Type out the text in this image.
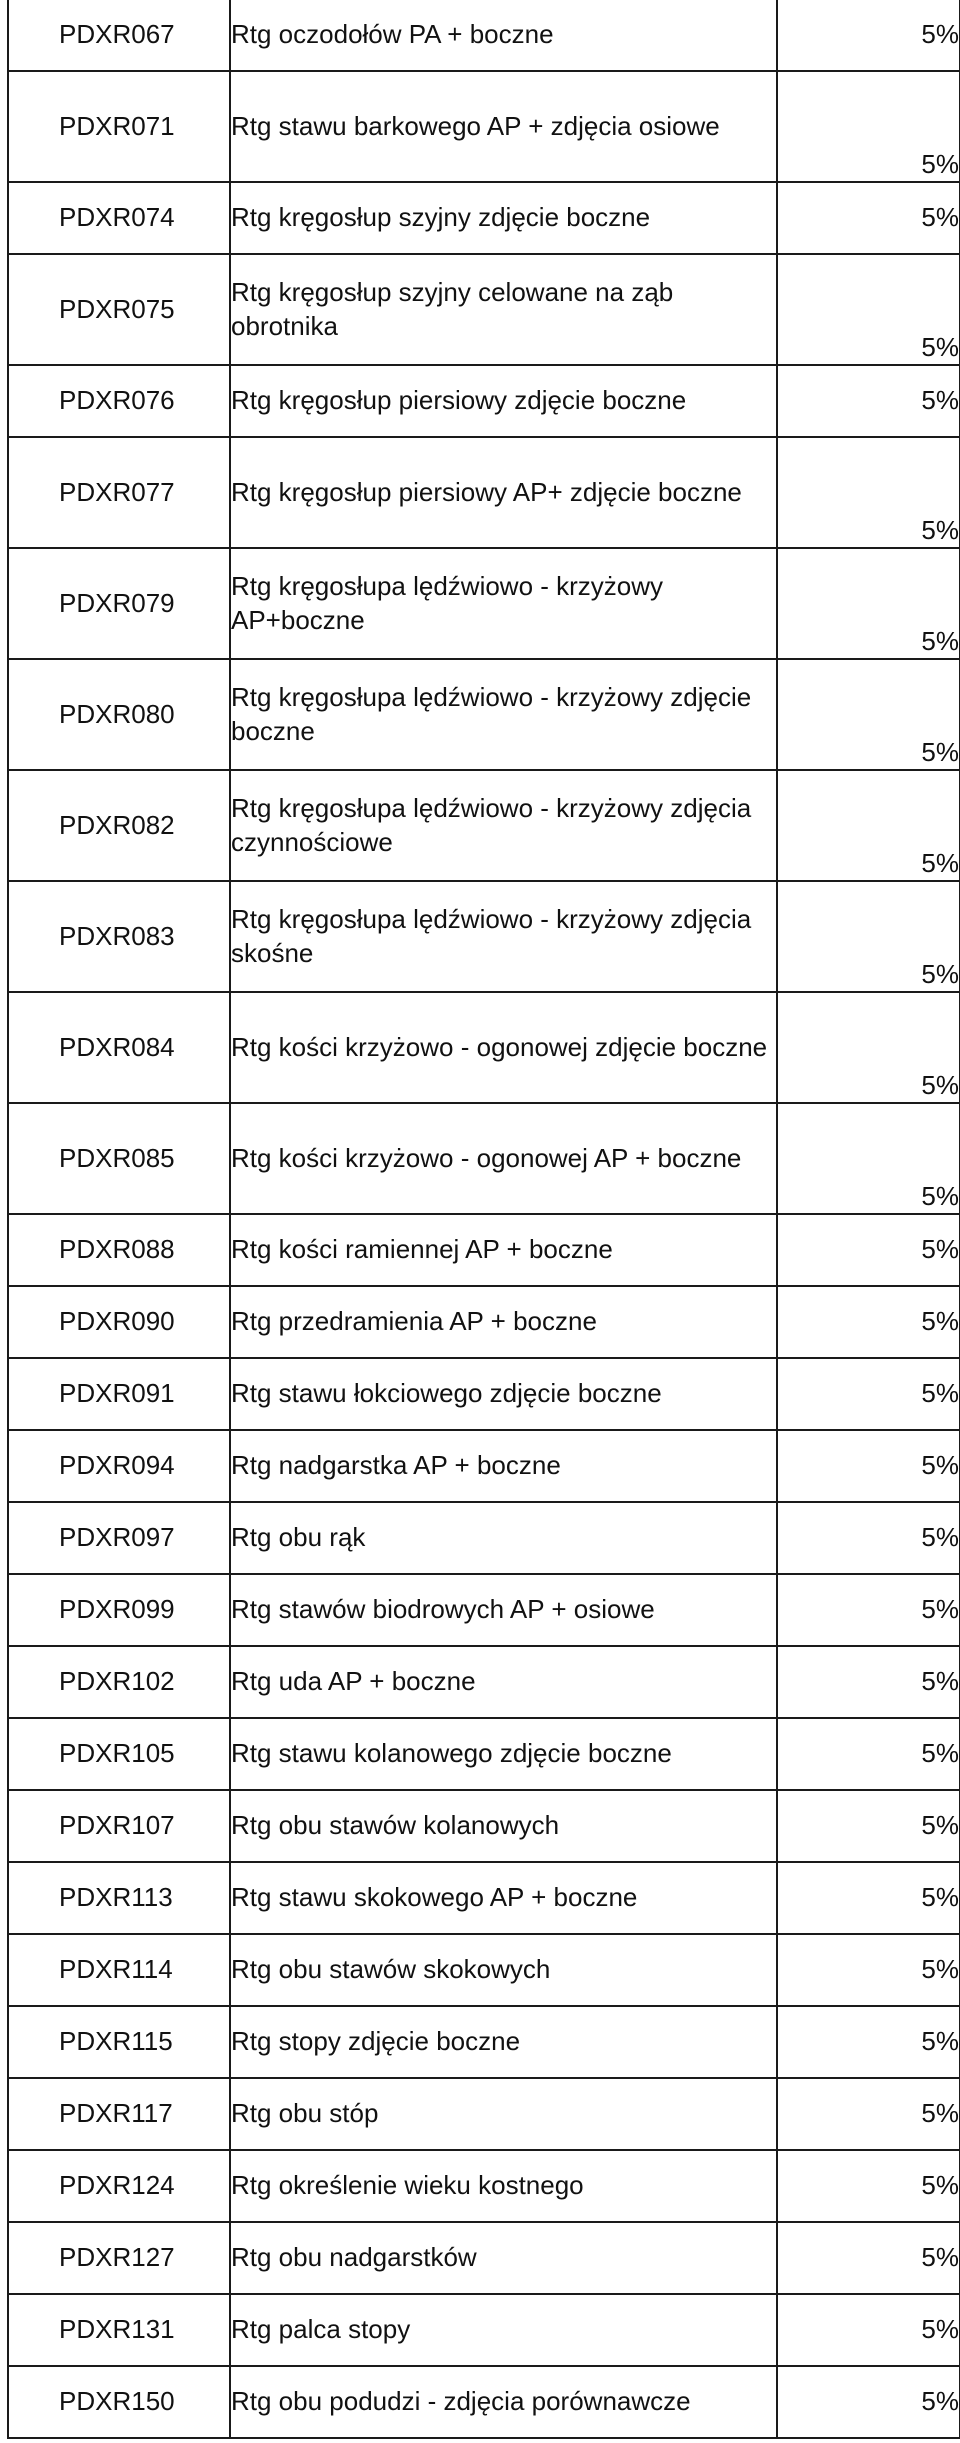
PDXR067	Rtg oczodołów PA + boczne	5%
PDXR071	Rtg stawu barkowego AP + zdjęcia osiowe	5%
PDXR074	Rtg kręgosłup szyjny zdjęcie boczne	5%
PDXR075	Rtg kręgosłup szyjny celowane na ząb obrotnika	5%
PDXR076	Rtg kręgosłup piersiowy zdjęcie boczne	5%
PDXR077	Rtg kręgosłup piersiowy AP+ zdjęcie boczne	5%
PDXR079	Rtg kręgosłupa lędźwiowo - krzyżowy AP+boczne	5%
PDXR080	Rtg kręgosłupa lędźwiowo - krzyżowy zdjęcie boczne	5%
PDXR082	Rtg kręgosłupa lędźwiowo - krzyżowy zdjęcia czynnościowe	5%
PDXR083	Rtg kręgosłupa lędźwiowo - krzyżowy zdjęcia skośne	5%
PDXR084	Rtg kości krzyżowo - ogonowej zdjęcie boczne	5%
PDXR085	Rtg kości krzyżowo - ogonowej AP + boczne	5%
PDXR088	Rtg kości ramiennej AP + boczne	5%
PDXR090	Rtg przedramienia AP + boczne	5%
PDXR091	Rtg stawu łokciowego zdjęcie boczne	5%
PDXR094	Rtg nadgarstka AP + boczne	5%
PDXR097	Rtg obu rąk	5%
PDXR099	Rtg stawów biodrowych AP + osiowe	5%
PDXR102	Rtg uda AP + boczne	5%
PDXR105	Rtg stawu kolanowego zdjęcie boczne	5%
PDXR107	Rtg obu stawów kolanowych	5%
PDXR113	Rtg stawu skokowego AP + boczne	5%
PDXR114	Rtg obu stawów skokowych	5%
PDXR115	Rtg stopy zdjęcie boczne	5%
PDXR117	Rtg obu stóp	5%
PDXR124	Rtg określenie wieku kostnego	5%
PDXR127	Rtg obu nadgarstków	5%
PDXR131	Rtg palca stopy	5%
PDXR150	Rtg obu podudzi - zdjęcia porównawcze	5%
